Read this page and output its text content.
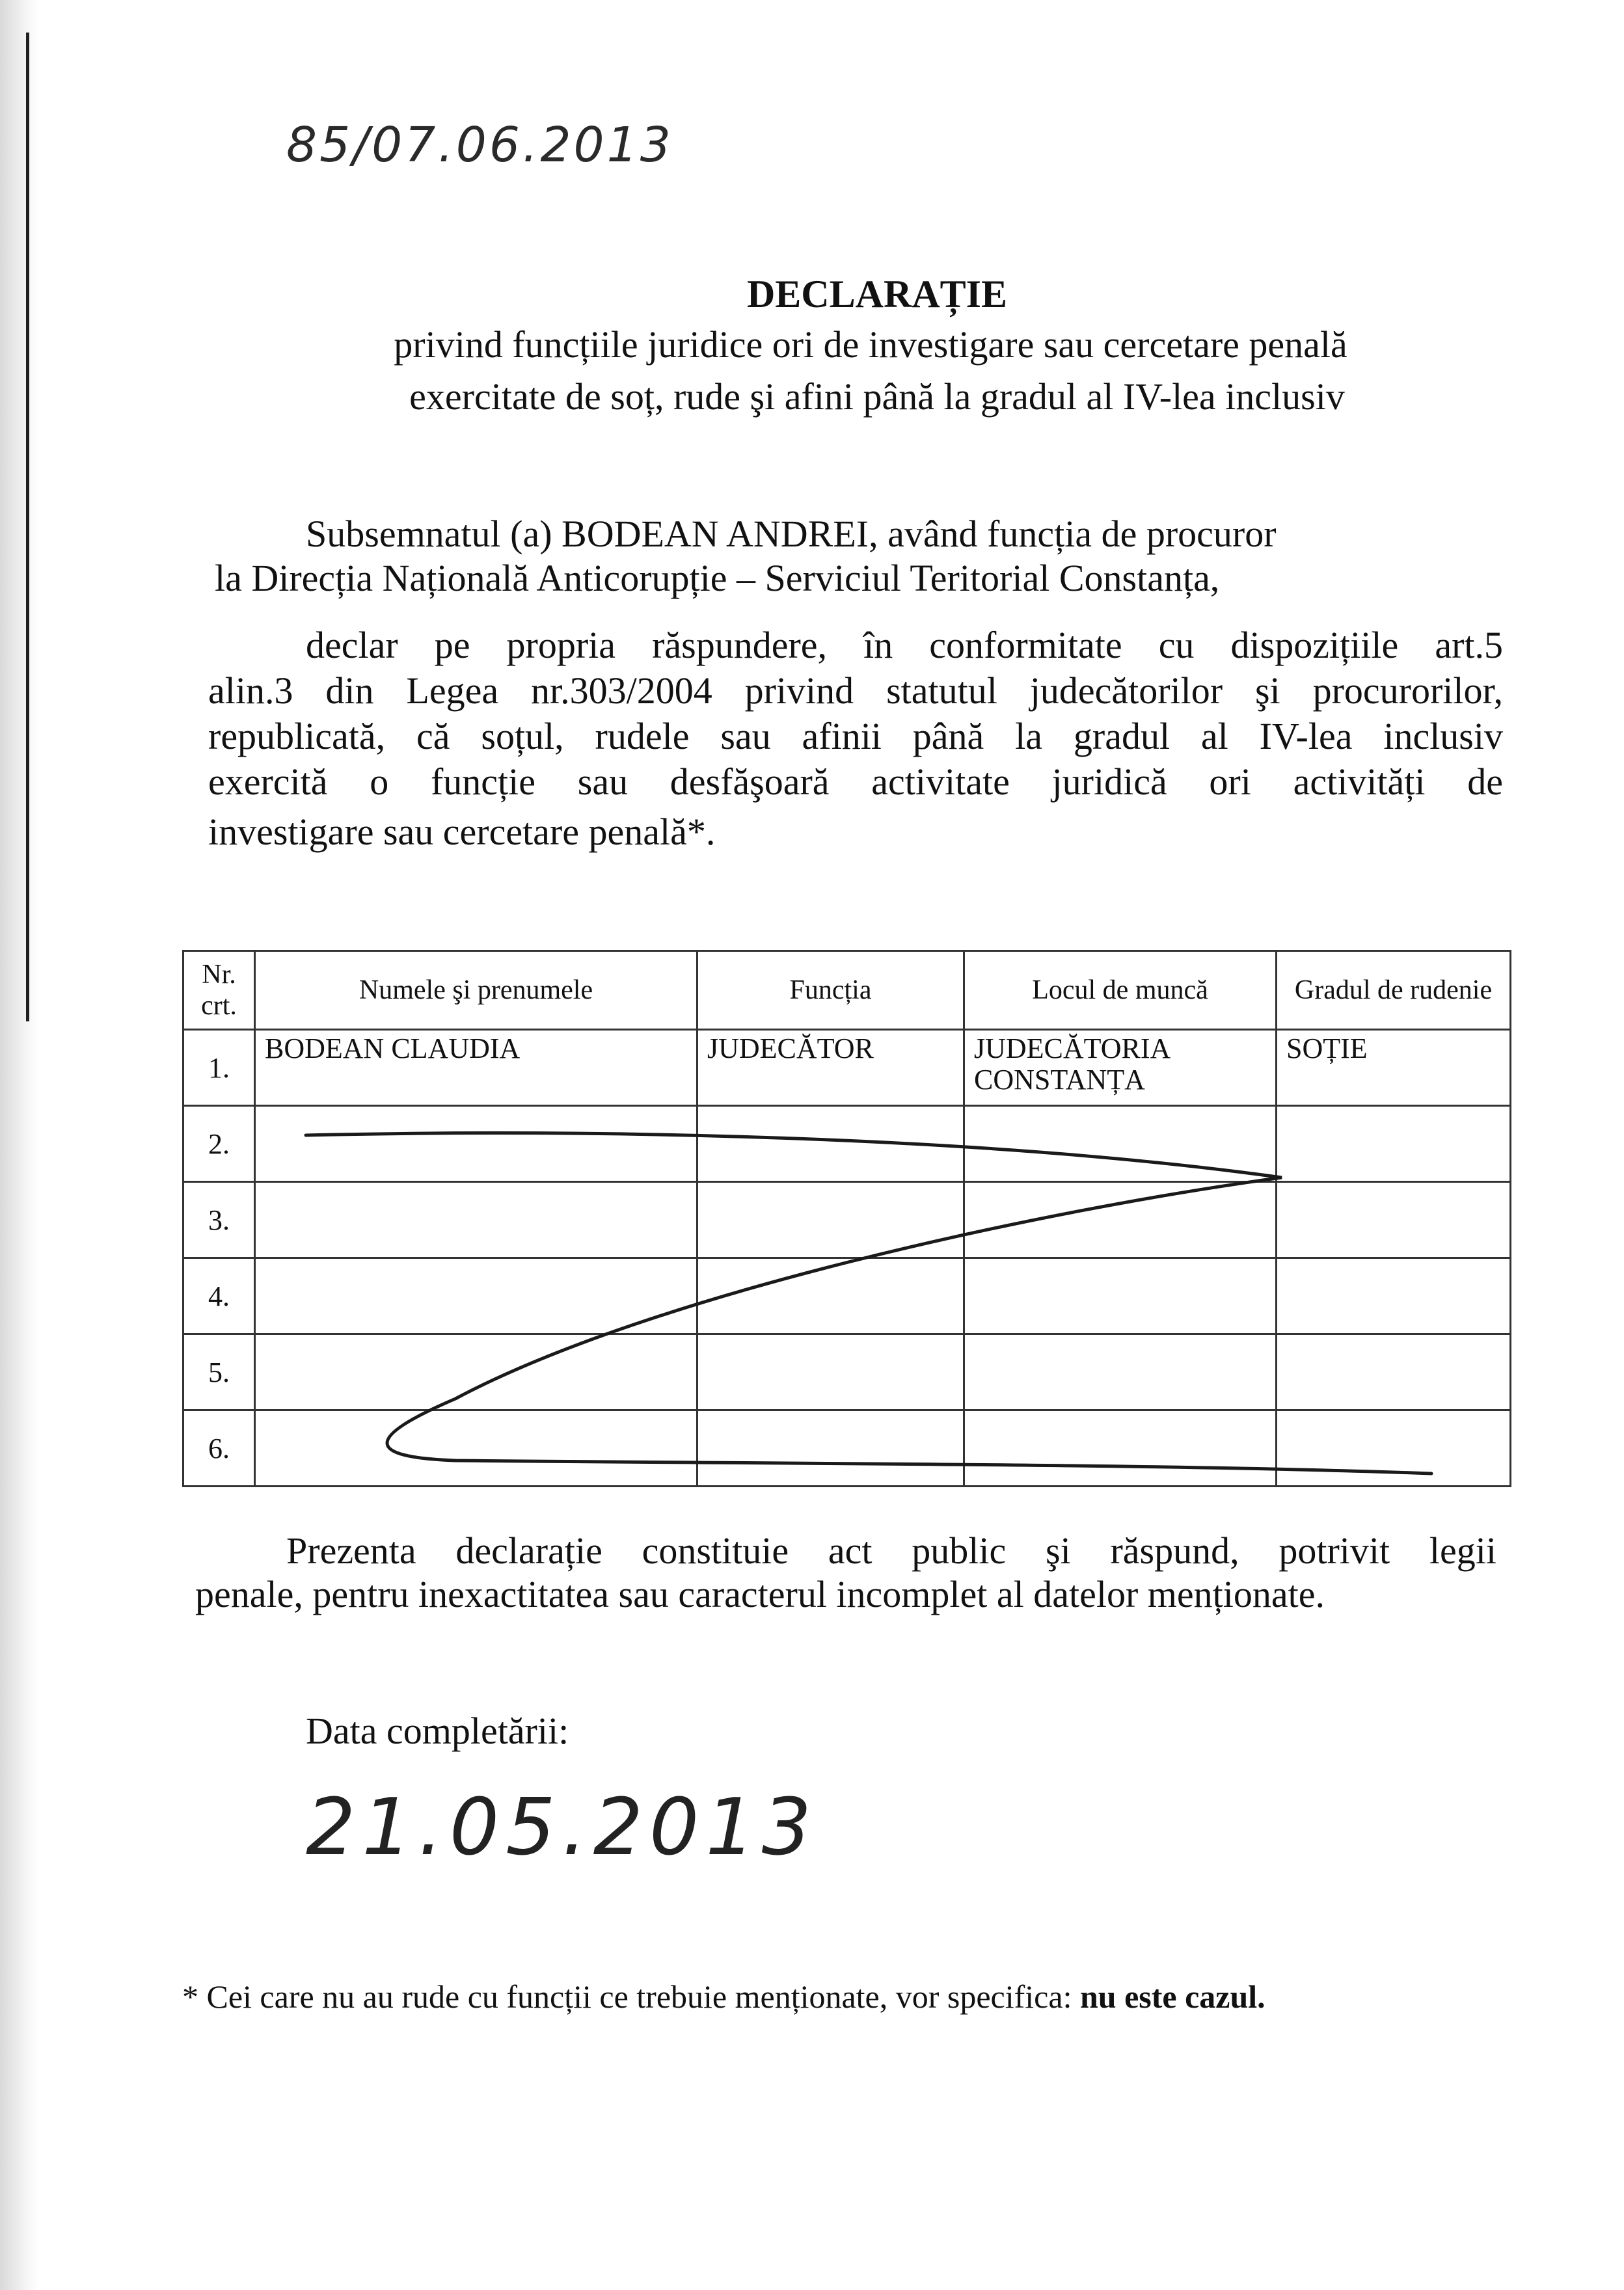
85/07.06.2013
DECLARAȚIE
privind funcțiile juridice ori de investigare sau cercetare penală
exercitate de soț, rude şi afini până la gradul al IV-lea inclusiv
Subsemnatul (a) BODEAN ANDREI, având funcția de procuror
la Direcția Națională Anticorupție – Serviciul Teritorial Constanța,
declar pe propria răspundere, în conformitate cu dispozițiile art.5
alin.3 din Legea nr.303/2004 privind statutul judecătorilor şi procurorilor,
republicată, că soțul, rudele sau afinii până la gradul al IV-lea inclusiv
exercită o funcție sau desfăşoară activitate juridică ori activități de
investigare sau cercetare penală*.
Nr. crt.	Numele şi prenumele	Funcția	Locul de muncă	Gradul de rudenie
1.	BODEAN CLAUDIA	JUDECĂTOR	JUDECĂTORIA CONSTANȚA	SOȚIE
2.				
3.				
4.				
5.				
6.				
Prezenta declarație constituie act public şi răspund, potrivit legii
penale, pentru inexactitatea sau caracterul incomplet al datelor menționate.
Data completării:
21.05.2013
* Cei care nu au rude cu funcții ce trebuie menționate, vor specifica: nu este cazul.
